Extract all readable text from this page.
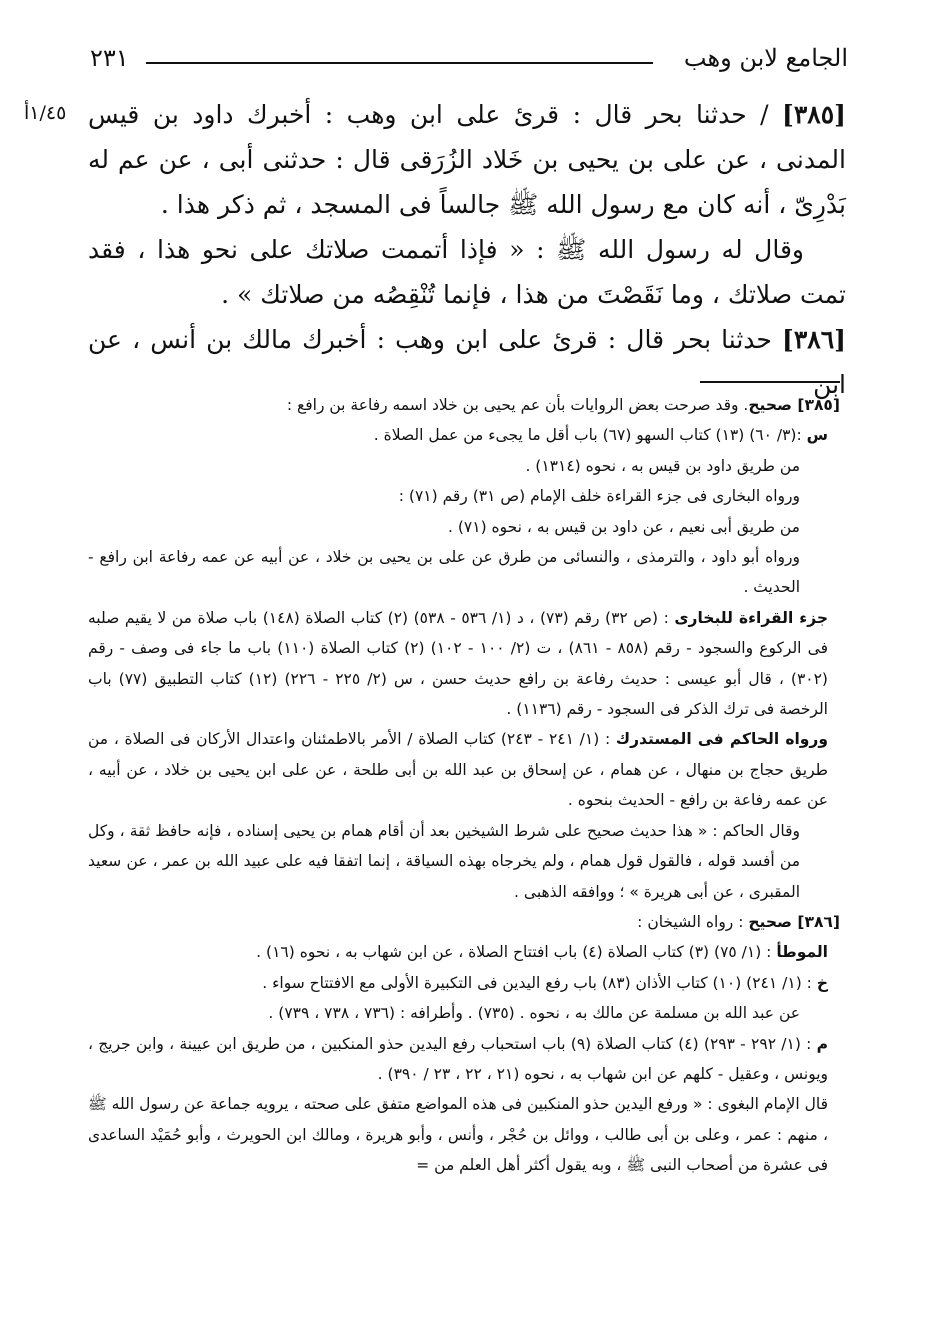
الجامع لابن وهب
٢٣١
١/٤٥أ	[٣٨٥] / حدثنا بحر قال : قرئ على ابن وهب : أخبرك داود بن قيس المدنى ، عن على بن يحيى بن خَلاد الزُرَقى قال : حدثنى أبى ، عن عم له بَدْرِىّ ، أنه كان مع رسول الله ﷺ جالساً فى المسجد ، ثم ذكر هذا .

وقال له رسول الله ﷺ : « فإذا أتممت صلاتك على نحو هذا ، فقد تمت صلاتك ، وما نَقَصْتَ من هذا ، فإنما تُنْقِصُه من صلاتك » .

[٣٨٦] حدثنا بحر قال : قرئ على ابن وهب : أخبرك مالك بن أنس ، عن ابن

[٣٨٥] صحيح. وقد صرحت بعض الروايات بأن عم يحيى بن خلاد اسمه رفاعة بن رافع :

س :(٣/ ٦٠) (١٣) كتاب السهو (٦٧) باب أقل ما يجىء من عمل الصلاة .

من طريق داود بن قيس به ، نحوه (١٣١٤) .

ورواه البخارى فى جزء القراءة خلف الإمام (ص ٣١) رقم (٧١) :

من طريق أبى نعيم ، عن داود بن قيس به ، نحوه (٧١) .

ورواه أبو داود ، والترمذى ، والنسائى من طرق عن على بن يحيى بن خلاد ، عن أبيه عن عمه رفاعة ابن رافع - الحديث .

جزء القراءة للبخارى : (ص ٣٢) رقم (٧٣) ، د (١/ ٥٣٦ - ٥٣٨) (٢) كتاب الصلاة (١٤٨) باب صلاة من لا يقيم صلبه فى الركوع والسجود - رقم (٨٥٨ - ٨٦١) ، ت (٢/ ١٠٠ - ١٠٢) (٢) كتاب الصلاة (١١٠) باب ما جاء فى وصف - رقم (٣٠٢) ، قال أبو عيسى : حديث رفاعة بن رافع حديث حسن ، س (٢/ ٢٢٥ - ٢٢٦) (١٢) كتاب التطبيق (٧٧) باب الرخصة فى ترك الذكر فى السجود - رقم (١١٣٦) .

ورواه الحاكم فى المستدرك : (١/ ٢٤١ - ٢٤٣) كتاب الصلاة / الأمر بالاطمئنان واعتدال الأركان فى الصلاة ، من طريق حجاج بن منهال ، عن همام ، عن إسحاق بن عبد الله بن أبى طلحة ، عن على ابن يحيى بن خلاد ، عن أبيه ، عن عمه رفاعة بن رافع - الحديث بنحوه .

وقال الحاكم : « هذا حديث صحيح على شرط الشيخين بعد أن أقام همام بن يحيى إسناده ، فإنه حافظ ثقة ، وكل من أفسد قوله ، فالقول قول همام ، ولم يخرجاه بهذه السياقة ، إنما اتفقا فيه على عبيد الله بن عمر ، عن سعيد المقبرى ، عن أبى هريرة » ؛ ووافقه الذهبى .

[٣٨٦] صحيح : رواه الشيخان :

الموطأ : (١/ ٧٥) (٣) كتاب الصلاة (٤) باب افتتاح الصلاة ، عن ابن شهاب به ، نحوه (١٦) .

خ : (١/ ٢٤١) (١٠) كتاب الأذان (٨٣) باب رفع اليدين فى التكبيرة الأولى مع الافتتاح سواء .

عن عبد الله بن مسلمة عن مالك به ، نحوه . (٧٣٥) . وأطرافه : (٧٣٦ ، ٧٣٨ ، ٧٣٩) .

م : (١/ ٢٩٢ - ٢٩٣) (٤) كتاب الصلاة (٩) باب استحباب رفع اليدين حذو المنكبين ، من طريق ابن عيينة ، وابن جريج ، ويونس ، وعقيل - كلهم عن ابن شهاب به ، نحوه (٢١ ، ٢٢ ، ٢٣ / ٣٩٠) .

قال الإمام البغوى : « ورفع اليدين حذو المنكبين فى هذه المواضع متفق على صحته ، يرويه جماعة عن رسول الله ﷺ ، منهم : عمر ، وعلى بن أبى طالب ، ووائل بن حُجْر ، وأنس ، وأبو هريرة ، ومالك ابن الحويرث ، وأبو حُمَيْد الساعدى فى عشرة من أصحاب النبى ﷺ ، وبه يقول أكثر أهل العلم من =
